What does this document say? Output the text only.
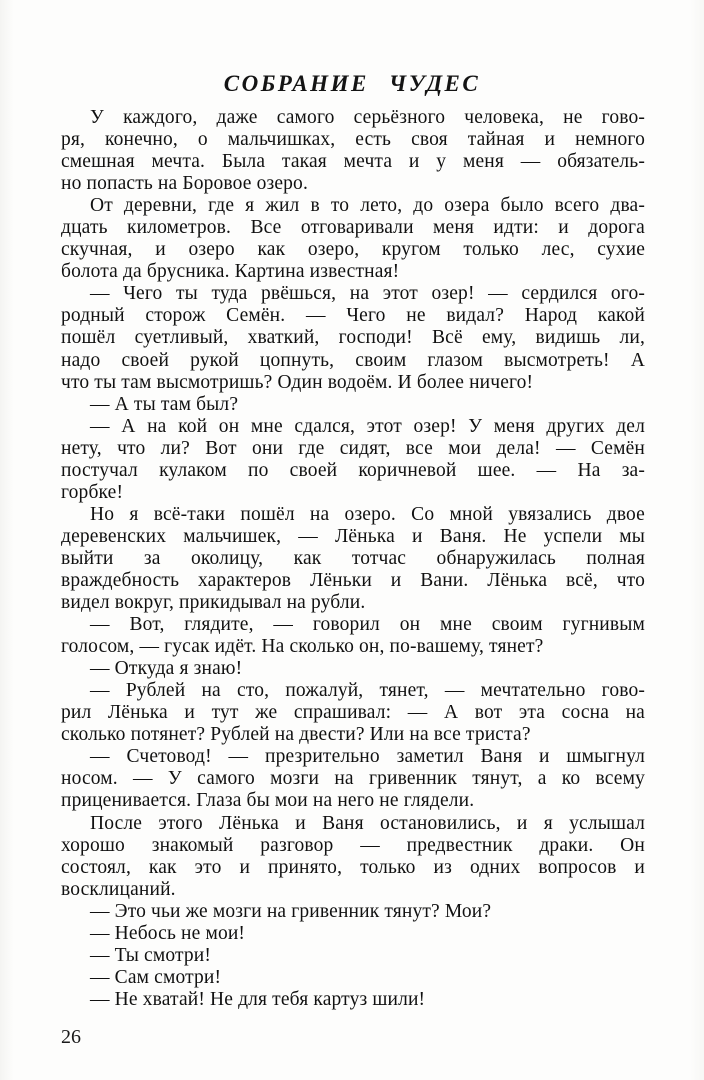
СОБРАНИЕ ЧУДЕС

У каждого, даже самого серьёзного человека, не гово-
ря, конечно, о мальчишках, есть своя тайная и немного
смешная мечта. Была такая мечта и у меня — обязатель-
но попасть на Боровое озеро.

От деревни, где я жил в то лето, до озера было всего два-
дцать километров. Все отговаривали меня идти: и дорога
скучная, и озеро как озеро, кругом только лес, сухие
болота да брусника. Картина известная!

— Чего ты туда рвёшься, на этот озер! — сердился ого-
родный сторож Семён. — Чего не видал? Народ какой
пошёл суетливый, хваткий, господи! Всё ему, видишь ли,
надо своей рукой цопнуть, своим глазом высмотреть! А
что ты там высмотришь? Один водоём. И более ничего!

— А ты там был?

— А на кой он мне сдался, этот озер! У меня других дел
нету, что ли? Вот они где сидят, все мои дела! — Семён
постучал кулаком по своей коричневой шее. — На за-
горбке!

Но я всё-таки пошёл на озеро. Со мной увязались двое
деревенских мальчишек, — Лёнька и Ваня. Не успели мы
выйти за околицу, как тотчас обнаружилась полная
враждебность характеров Лёньки и Вани. Лёнька всё, что
видел вокруг, прикидывал на рубли.

— Вот, глядите, — говорил он мне своим гугнивым
голосом, — гусак идёт. На сколько он, по-вашему, тянет?

— Откуда я знаю!

— Рублей на сто, пожалуй, тянет, — мечтательно гово-
рил Лёнька и тут же спрашивал: — А вот эта сосна на
сколько потянет? Рублей на двести? Или на все триста?

— Счетовод! — презрительно заметил Ваня и шмыгнул
носом. — У самого мозги на гривенник тянут, а ко всему
приценивается. Глаза бы мои на него не глядели.

После этого Лёнька и Ваня остановились, и я услышал
хорошо знакомый разговор — предвестник драки. Он
состоял, как это и принято, только из одних вопросов и
восклицаний.

— Это чьи же мозги на гривенник тянут? Мои?

— Небось не мои!

— Ты смотри!

— Сам смотри!

— Не хватай! Не для тебя картуз шили!

26
